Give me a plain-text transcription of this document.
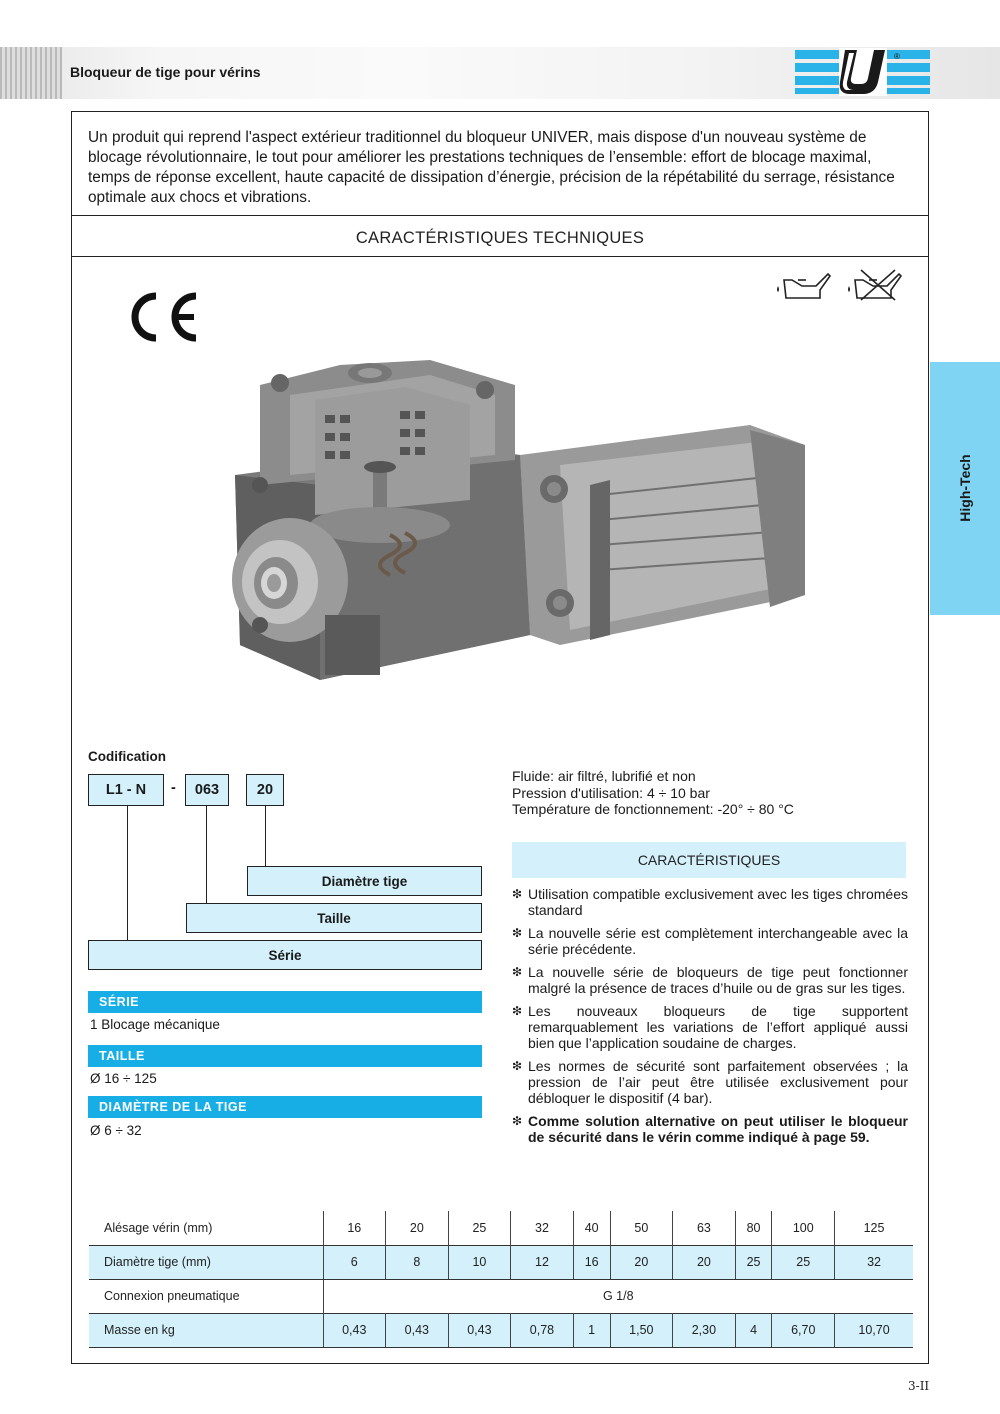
Bloqueur de tige pour vérins
®
Un produit qui reprend l'aspect extérieur traditionnel du bloqueur UNIVER, mais dispose d'un nouveau système de blocage révolutionnaire, le tout pour améliorer les prestations techniques de l’ensemble: effort de blocage maximal, temps de réponse excellent, haute capacité de dissipation d’énergie, précision de la répétabilité du serrage, résistance optimale aux chocs et vibrations.
CARACTÉRISTIQUES TECHNIQUES
High-Tech
Codification
L1 - N	-	063	20
Diamètre tige
Taille
Série
SÉRIE
1 Blocage mécanique
TAILLE
Ø 16 ÷ 125
DIAMÈTRE DE LA TIGE
Ø 6 ÷ 32
Fluide: air filtré, lubrifié et non
Pression d'utilisation: 4 ÷ 10 bar
Température de fonctionnement: -20° ÷ 80 °C
CARACTÉRISTIQUES
❇ Utilisation compatible exclusivement avec les tiges chromées standard
❇ La nouvelle série est complètement interchangeable avec la série précédente.
❇ La nouvelle série de bloqueurs de tige peut fonctionner malgré la présence de traces d’huile ou de gras sur les tiges.
❇ Les nouveaux bloqueurs de tige supportent remarquablement les variations de l’effort appliqué aussi bien que l’application soudaine de charges.
❇ Les normes de sécurité sont parfaitement observées ; la pression de l’air peut être utilisée exclusivement pour débloquer le dispositif (4 bar).
❇ Comme solution alternative on peut utiliser le bloqueur de sécurité dans le vérin comme indiqué à page 59.
Alésage vérin (mm)	16	20	25	32	40	50	63	80	100	125
Diamètre tige (mm)	6	8	10	12	16	20	20	25	25	32
Connexion pneumatique	G 1/8									
Masse en kg	0,43	0,43	0,43	0,78	1	1,50	2,30	4	6,70	10,70
3-II
